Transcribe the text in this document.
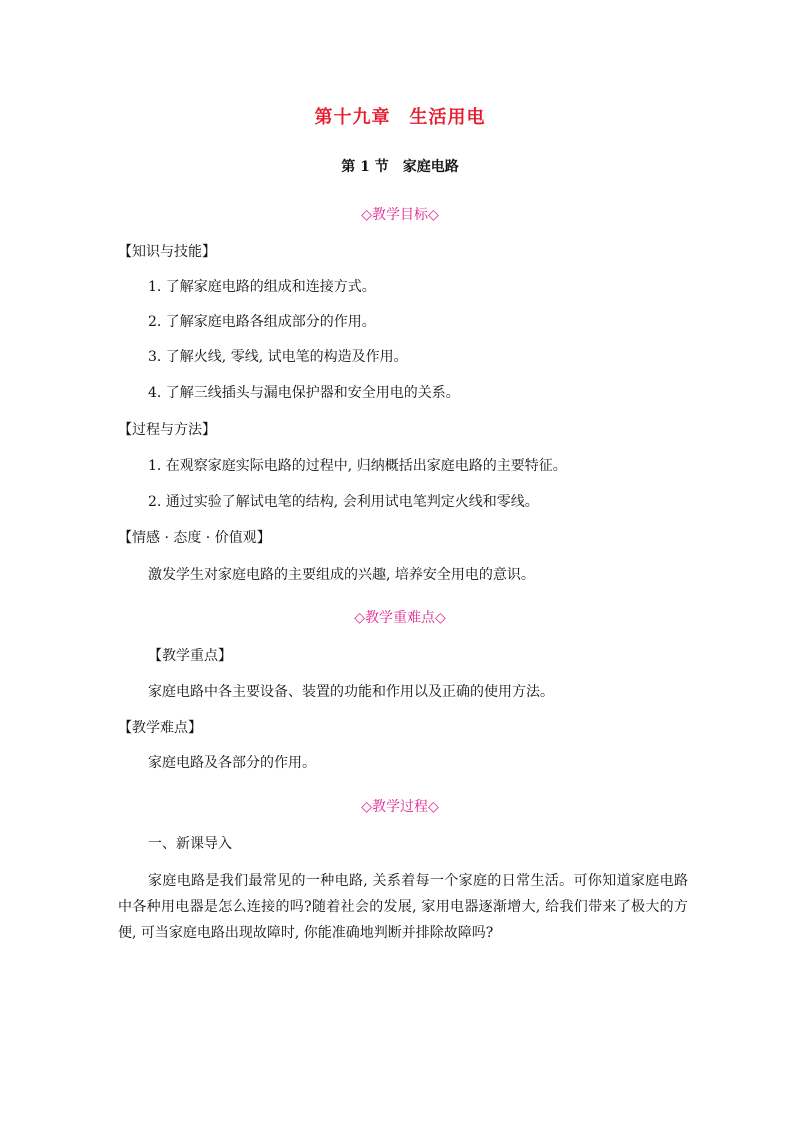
第十九章　生活用电
第 1 节　家庭电路
◇教学目标◇
【知识与技能】
1. 了解家庭电路的组成和连接方式。
2. 了解家庭电路各组成部分的作用。
3. 了解火线, 零线, 试电笔的构造及作用。
4. 了解三线插头与漏电保护器和安全用电的关系。
【过程与方法】
1. 在观察家庭实际电路的过程中, 归纳概括出家庭电路的主要特征。
2. 通过实验了解试电笔的结构, 会利用试电笔判定火线和零线。
【情感 · 态度 · 价值观】
激发学生对家庭电路的主要组成的兴趣, 培养安全用电的意识。
◇教学重难点◇
【教学重点】
家庭电路中各主要设备、装置的功能和作用以及正确的使用方法。
【教学难点】
家庭电路及各部分的作用。
◇教学过程◇
一、新课导入
家庭电路是我们最常见的一种电路, 关系着每一个家庭的日常生活。可你知道家庭电路中各种用电器是怎么连接的吗?随着社会的发展, 家用电器逐渐增大, 给我们带来了极大的方便, 可当家庭电路出现故障时, 你能准确地判断并排除故障吗?
